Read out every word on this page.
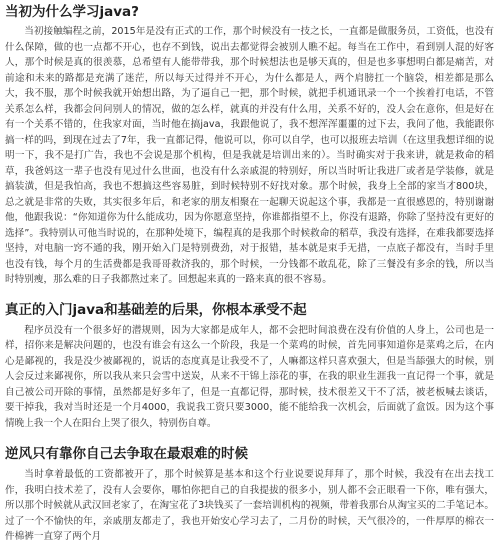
当初为什么学习java?

当初接触编程之前，2015年是没有正式的工作，那个时候没有一技之长，一直都是做服务员，工资低，也没有什么保障，做的也一点都不开心，也存不到钱，说出去都觉得会被别人瞧不起。每当在工作中，看到别人混的好客人，那个时候是真的很羡慕，总希望有人能带带我，那个时候想法也是够天真的，但是也多事想明白都是痛苦，对前途和未来的路都是充满了迷茫，所以每天过得并不开心，为什么都是人，两个肩膀扛一个脑袋，相差都是那么大，我不服，那个时候我就开始想出路，为了逼自己一把，那个时候，就把手机通讯录一个一个挨着打电话，不管关系怎么样，我都会问问别人的情况，做的怎么样，就真的并没有什么用，关系不好的，没人会在意你，但是好在有一个关系不错的，住我家对面，当时他在搞java，我跟他说了，我不想浑浑噩噩的过下去，我问了他，我能跟你搞一样的吗，到现在过去了7年，我一直都记得，他说可以，你可以自学，也可以报班去培训（在这里我想详细的说明一下，我不是打广告，我也不会说是那个机构，但是我就是培训出来的）。当时确实对于我来讲，就是救命的稻草，我爸妈这一辈子也没有见过什么世面，也没有什么亲戚混的特别好，所以当时听让我进厂或者是学装修，就是搞装潢，但是我怕高，我也不想搞这些容易脏，到时候特别不好找对象。那个时候，我身上全部的家当才800块，总之就是非常的失败，其实很多年后，和老家的朋友相聚在一起聊天说起这个事，我都是一直很感恩的，特别谢谢他，他跟我说：“你知道你为什么能成功，因为你愿意坚持，你谁都指望不上，你没有退路，你除了坚持没有更好的选择”。我特别认可他当时说的，在那种处境下，编程真的是我那个时候救命的稻草，我没有选择，在难我都要选择坚持，对电脑一窍不通的我，刚开始入门是特别费劲，对于报错，基本就是束手无措，一点底子都没有，当时手里也没有钱，每个月的生活费都是我哥哥救济我的，那个时候，一分钱都不敢乱花，除了三餐没有多余的钱，所以当时特别瘦，那么难的日子我都熬过来了。回想起来真的一路来真的很不容易。

真正的入门java和基础差的后果，你根本承受不起

程序员没有一个很多好的潜规则，因为大家都是成年人，都不会把时间浪费在没有价值的人身上，公司也是一样，招你来是解决问题的，也没有谁会有这么一个阶段，我是一个菜鸡的时候，首先同事知道你是菜鸡之后，在内心是鄙视的，我是没少被鄙视的，说话的态度真是让我受不了，人嘛都这样只喜欢强大，但是当舔强大的时候，别人会反过来鄙视你，所以我从来只会雪中送炭，从来不干锦上添花的事，在我的职业生涯我一直记得一个事，就是自己被公司开除的事情，虽然都是好多年了，但是一直都记得，那时候，技术很差又干不了活，被老板喊去谈话，要干掉我，我对当时还是一个月4000，我说我工资只要3000，能不能给我一次机会，后面就了盒饭。因为这个事情晚上我一个人在阳台上哭了很久，特别伤自尊。

逆风只有靠你自己去争取在最艰难的时候

当时拿着最低的工资都被开了，那个时候算是基本和这个行业说要说拜拜了，那个时候，我没有在出去找工作，我明白技术差了，没有人会要你，哪怕你把自己的自我提拔的很多小，别人都不会正眼看一下你，唯有强大，所以那个时候就从武汉回老家了，在淘宝花了3块钱买了一套培训机构的视频，带着我那台从淘宝买的二手笔记本。过了一个不愉快的年，亲戚朋友都走了，我也开始安心学习去了，二月份的时候，天气很冷的，一件厚厚的棉衣一件棉裤一直穿了两个月
